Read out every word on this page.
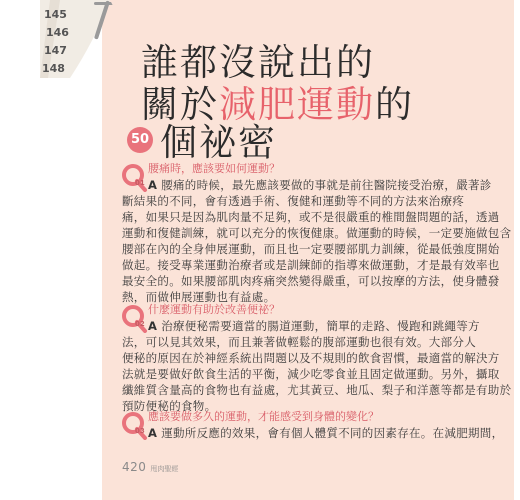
145
146
147
148 誰都沒說出的
關於減肥運動的
50 個祕密
01
腰痛時，應該要如何運動？
A 腰痛的時候，最先應該要做的事就是前往醫院接受治療，嚴著診
斷結果的不同，會有透過手術、復健和運動等不同的方法來治療疼
痛，如果只是因為肌肉量不足夠，或不是很嚴重的椎間盤問題的話，透過
運動和復健訓練，就可以充分的恢復健康。做運動的時候，一定要施做包含
腰部在內的全身伸展運動，而且也一定要腰部肌力訓練，從最低強度開始
做起。接受專業運動治療者或是訓練師的指導來做運動，才是最有效率也
最安全的。如果腰部肌肉疼痛突然變得嚴重，可以按摩的方法，使身體發
熱，而做伸展運動也有益處。
02
什麼運動有助於改善便祕？
A 治療便秘需要適當的腸道運動，簡單的走路、慢跑和跳繩等方
法，可以見其效果，而且兼著做輕鬆的腹部運動也很有效。大部分人
便秘的原因在於神經系統出問題以及不規則的飲食習慣，最適當的解決方
法就是要做好飲食生活的平衡，減少吃零食並且固定做運動。另外，攝取
纖維質含量高的食物也有益處，尤其黃豆、地瓜、梨子和洋蔥等都是有助於
預防便秘的食物。
03
應該要做多久的運動，才能感受到身體的變化？
A 運動所反應的效果，會有個人體質不同的因素存在。在減肥期間，
420 甩肉聖經
